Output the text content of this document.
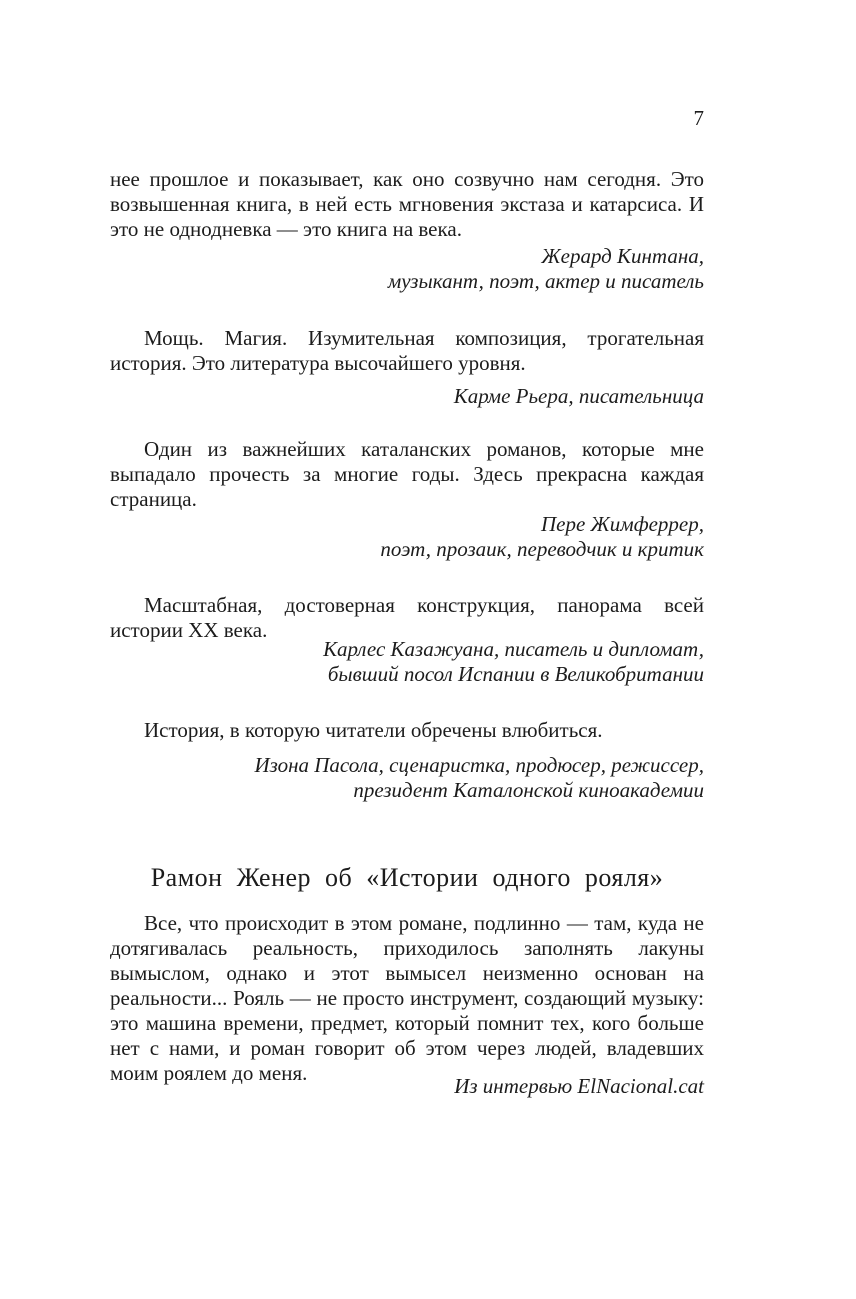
7

нее прошлое и показывает, как оно созвучно нам сегодня. Это возвышенная книга, в ней есть мгновения экстаза и катарсиса. И это не однодневка — это книга на века.

Жерард Кинтана,

музыкант, поэт, актер и писатель

Мощь. Магия. Изумительная композиция, трогательная история. Это литература высочайшего уровня.

Карме Рьера, писательница

Один из важнейших каталанских романов, которые мне выпадало прочесть за многие годы. Здесь прекрасна каждая страница.

Пере Жимферрер,

поэт, прозаик, переводчик и критик

Масштабная, достоверная конструкция, панорама всей истории XX века.

Карлес Казажуана, писатель и дипломат,

бывший посол Испании в Великобритании

История, в которую читатели обречены влюбиться.

Изона Пасола, сценаристка, продюсер, режиссер,

президент Каталонской киноакадемии

Рамон Женер об «Истории одного рояля»

Все, что происходит в этом романе, подлинно — там, куда не дотягивалась реальность, приходилось заполнять лакуны вымыслом, однако и этот вымысел неизменно основан на реальности... Рояль — не просто инструмент, создающий музыку: это машина времени, предмет, который помнит тех, кого больше нет с нами, и роман говорит об этом через людей, владевших моим роялем до меня.

Из интервью ElNacional.cat
